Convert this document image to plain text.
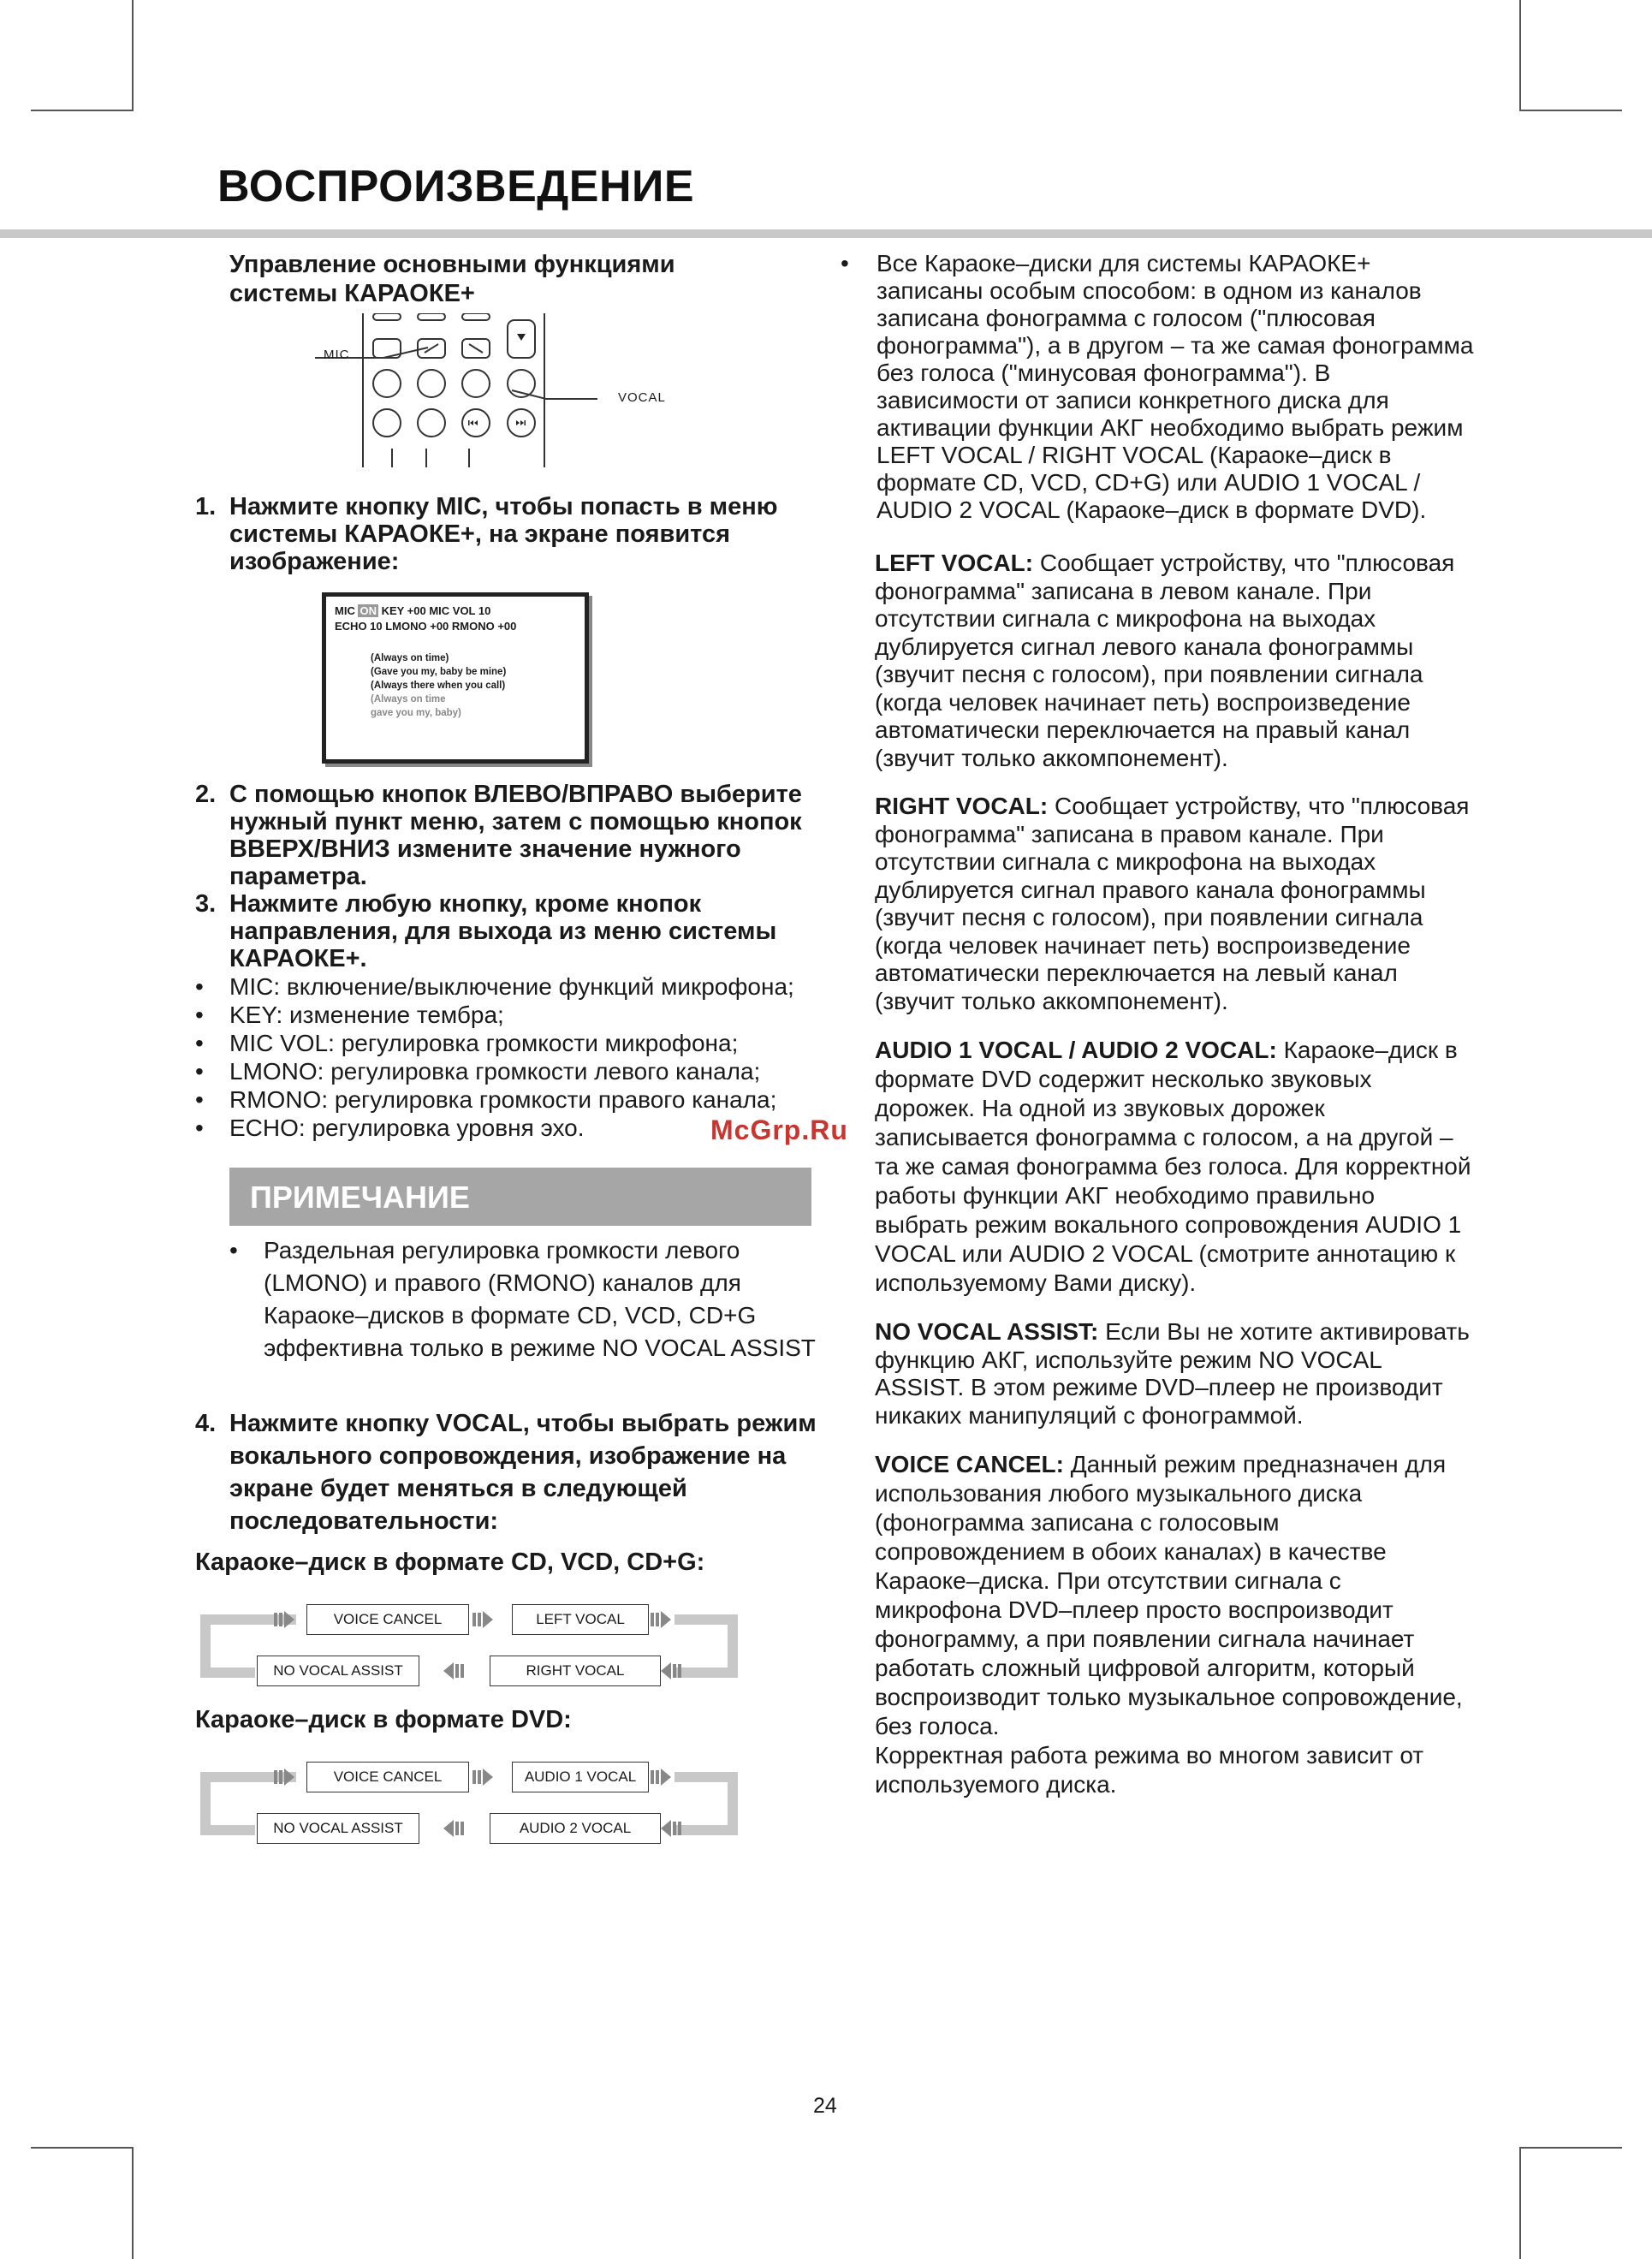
ВОСПРОИЗВЕДЕНИЕ
Управление основными функциями системы КАРАОКЕ+
MIC
VOCAL
1. Нажмите кнопку MIC, чтобы попасть в меню системы КАРАОКЕ+, на экране появится изображение:
MIC ON KEY +00 MIC VOL 10
ECHO 10 LMONO +00 RMONO +00
(Always on time)
(Gave you my, baby be mine)
(Always there when you call)
(Always on time
gave you my, baby)
2. С помощью кнопок ВЛЕВО/ВПРАВО выберите нужный пункт меню, затем с помощью кнопок ВВЕРХ/ВНИЗ измените значение нужного параметра.
3. Нажмите любую кнопку, кроме кнопок направления, для выхода из меню системы КАРАОКЕ+.
• MIC: включение/выключение функций микрофона;
• KEY: изменение тембра;
• MIC VOL: регулировка громкости микрофона;
• LMONO: регулировка громкости левого канала;
• RMONO: регулировка громкости правого канала;
• ECHO: регулировка уровня эхо.
ПРИМЕЧАНИЕ
• Раздельная регулировка громкости левого (LMONO) и правого (RMONO) каналов для Караоке–дисков в формате CD, VCD, CD+G эффективна только в режиме NO VOCAL ASSIST
4. Нажмите кнопку VOCAL, чтобы выбрать режим вокального сопровождения, изображение на экране будет меняться в следующей последовательности:
Караоке–диск в формате CD, VCD, CD+G:
VOICE CANCEL	LEFT VOCAL
NO VOCAL ASSIST	RIGHT VOCAL
Караоке–диск в формате DVD:
VOICE CANCEL	AUDIO 1 VOCAL
NO VOCAL ASSIST	AUDIO 2 VOCAL
• Все Караоке–диски для системы КАРАОКЕ+ записаны особым способом: в одном из каналов записана фонограмма с голосом ("плюсовая фонограмма"), а в другом – та же самая фонограмма без голоса ("минусовая фонограмма"). В зависимости от записи конкретного диска для активации функции АКГ необходимо выбрать режим LEFT VOCAL / RIGHT VOCAL (Караоке–диск в формате CD, VCD, CD+G) или AUDIO 1 VOCAL / AUDIO 2 VOCAL (Караоке–диск в формате DVD).
LEFT VOCAL: Сообщает устройству, что "плюсовая фонограмма" записана в левом канале. При отсутствии сигнала с микрофона на выходах дублируется сигнал левого канала фонограммы (звучит песня с голосом), при появлении сигнала (когда человек начинает петь) воспроизведение автоматически переключается на правый канал (звучит только аккомпонемент).
RIGHT VOCAL: Сообщает устройству, что "плюсовая фонограмма" записана в правом канале. При отсутствии сигнала с микрофона на выходах дублируется сигнал правого канала фонограммы (звучит песня с голосом), при появлении сигнала (когда человек начинает петь) воспроизведение автоматически переключается на левый канал (звучит только аккомпонемент).
AUDIO 1 VOCAL / AUDIO 2 VOCAL: Караоке–диск в формате DVD содержит несколько звуковых дорожек. На одной из звуковых дорожек записывается фонограмма с голосом, а на другой – та же самая фонограмма без голоса. Для корректной работы функции АКГ необходимо правильно выбрать режим вокального сопровождения AUDIO 1 VOCAL или AUDIO 2 VOCAL (смотрите аннотацию к используемому Вами диску).
NO VOCAL ASSIST: Если Вы не хотите активировать функцию АКГ, используйте режим NO VOCAL ASSIST. В этом режиме DVD–плеер не производит никаких манипуляций с фонограммой.
VOICE CANCEL: Данный режим предназначен для использования любого музыкального диска (фонограмма записана с голосовым сопровождением в обоих каналах) в качестве Караоке–диска. При отсутствии сигнала с микрофона DVD–плеер просто воспроизводит фонограмму, а при появлении сигнала начинает работать сложный цифровой алгоритм, который воспроизводит только музыкальное сопровождение, без голоса.
Корректная работа режима во многом зависит от используемого диска.
McGrp.Ru
24
